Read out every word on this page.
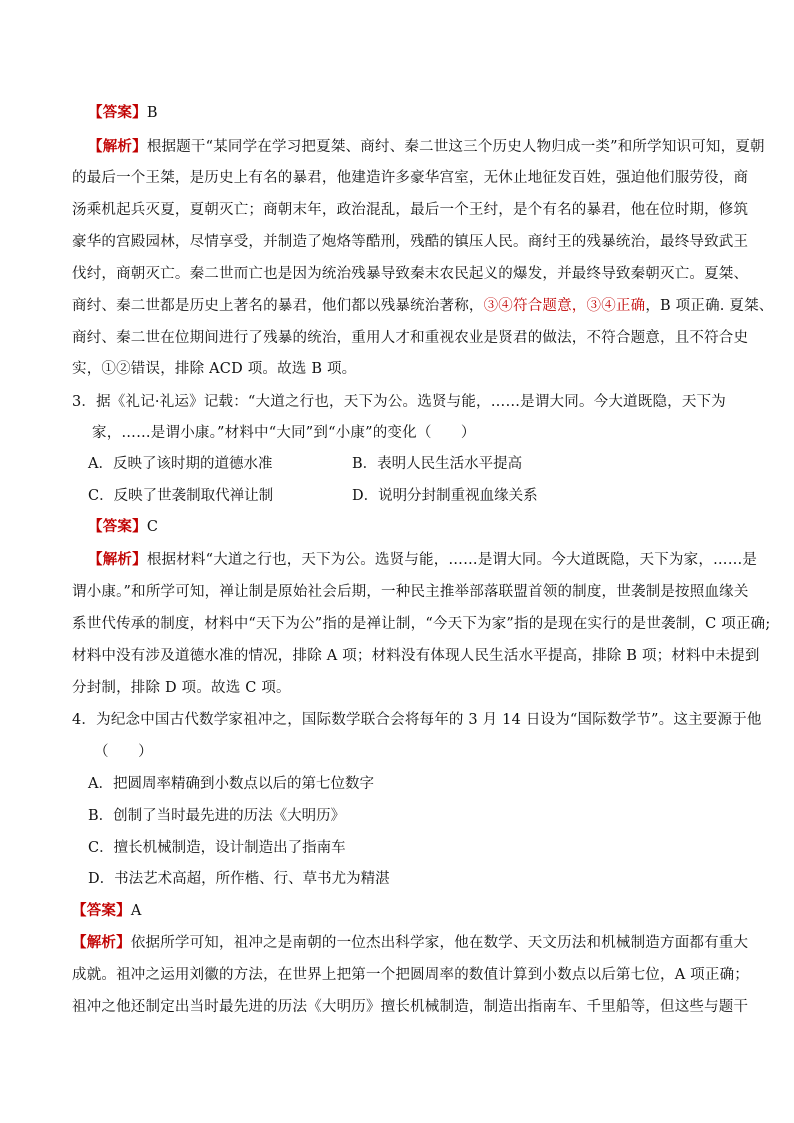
【答案】B
【解析】根据题干“某同学在学习把夏桀、商纣、秦二世这三个历史人物归成一类”和所学知识可知，夏朝
的最后一个王桀，是历史上有名的暴君，他建造许多豪华宫室，无休止地征发百姓，强迫他们服劳役，商
汤乘机起兵灭夏，夏朝灭亡；商朝末年，政治混乱，最后一个王纣，是个有名的暴君，他在位时期，修筑
豪华的宫殿园林，尽情享受，并制造了炮烙等酷刑，残酷的镇压人民。商纣王的残暴统治，最终导致武王
伐纣，商朝灭亡。秦二世而亡也是因为统治残暴导致秦末农民起义的爆发，并最终导致秦朝灭亡。夏桀、
商纣、秦二世都是历史上著名的暴君，他们都以残暴统治著称，③④符合题意，③④正确，B 项正确. 夏桀、
商纣、秦二世在位期间进行了残暴的统治，重用人才和重视农业是贤君的做法，不符合题意，且不符合史
实，①②错误，排除 ACD 项。故选 B 项。
3．据《礼记·礼运》记载：“大道之行也，天下为公。选贤与能，……是谓大同。今大道既隐，天下为
家，……是谓小康。”材料中“大同”到“小康”的变化（　　）
A．反映了该时期的道德水准	B．表明人民生活水平提高
C．反映了世袭制取代禅让制	D．说明分封制重视血缘关系
【答案】C
【解析】根据材料“大道之行也，天下为公。选贤与能，……是谓大同。今大道既隐，天下为家，……是
谓小康。”和所学可知，禅让制是原始社会后期，一种民主推举部落联盟首领的制度，世袭制是按照血缘关
系世代传承的制度，材料中“天下为公”指的是禅让制，“今天下为家”指的是现在实行的是世袭制，C 项正确;
材料中没有涉及道德水准的情况，排除 A 项；材料没有体现人民生活水平提高，排除 B 项；材料中未提到
分封制，排除 D 项。故选 C 项。
4．为纪念中国古代数学家祖冲之，国际数学联合会将每年的 3 月 14 日设为“国际数学节”。这主要源于他
（　　）
A．把圆周率精确到小数点以后的第七位数字
B．创制了当时最先进的历法《大明历》
C．擅长机械制造，设计制造出了指南车
D．书法艺术高超，所作楷、行、草书尤为精湛
【答案】A
【解析】依据所学可知，祖冲之是南朝的一位杰出科学家，他在数学、天文历法和机械制造方面都有重大
成就。祖冲之运用刘徽的方法，在世界上把第一个把圆周率的数值计算到小数点以后第七位，A 项正确；
祖冲之他还制定出当时最先进的历法《大明历》擅长机械制造，制造出指南车、千里船等，但这些与题干
